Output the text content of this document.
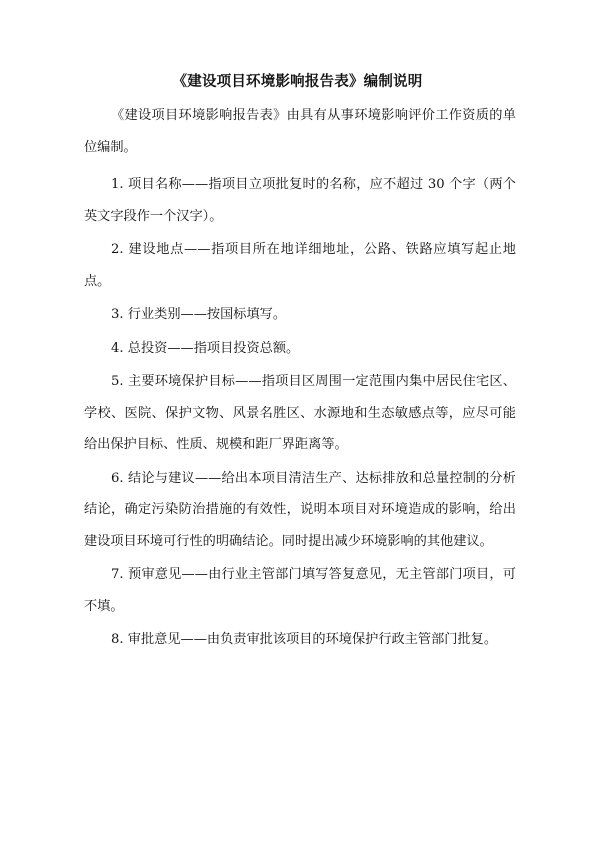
《建设项目环境影响报告表》编制说明

《建设项目环境影响报告表》由具有从事环境影响评价工作资质的单位编制。

1. 项目名称——指项目立项批复时的名称，应不超过 30 个字（两个英文字段作一个汉字）。

2. 建设地点——指项目所在地详细地址，公路、铁路应填写起止地点。

3. 行业类别——按国标填写。

4. 总投资——指项目投资总额。

5. 主要环境保护目标——指项目区周围一定范围内集中居民住宅区、学校、医院、保护文物、风景名胜区、水源地和生态敏感点等，应尽可能给出保护目标、性质、规模和距厂界距离等。

6. 结论与建议——给出本项目清洁生产、达标排放和总量控制的分析结论，确定污染防治措施的有效性，说明本项目对环境造成的影响，给出建设项目环境可行性的明确结论。同时提出减少环境影响的其他建议。

7. 预审意见——由行业主管部门填写答复意见，无主管部门项目，可不填。

8. 审批意见——由负责审批该项目的环境保护行政主管部门批复。
